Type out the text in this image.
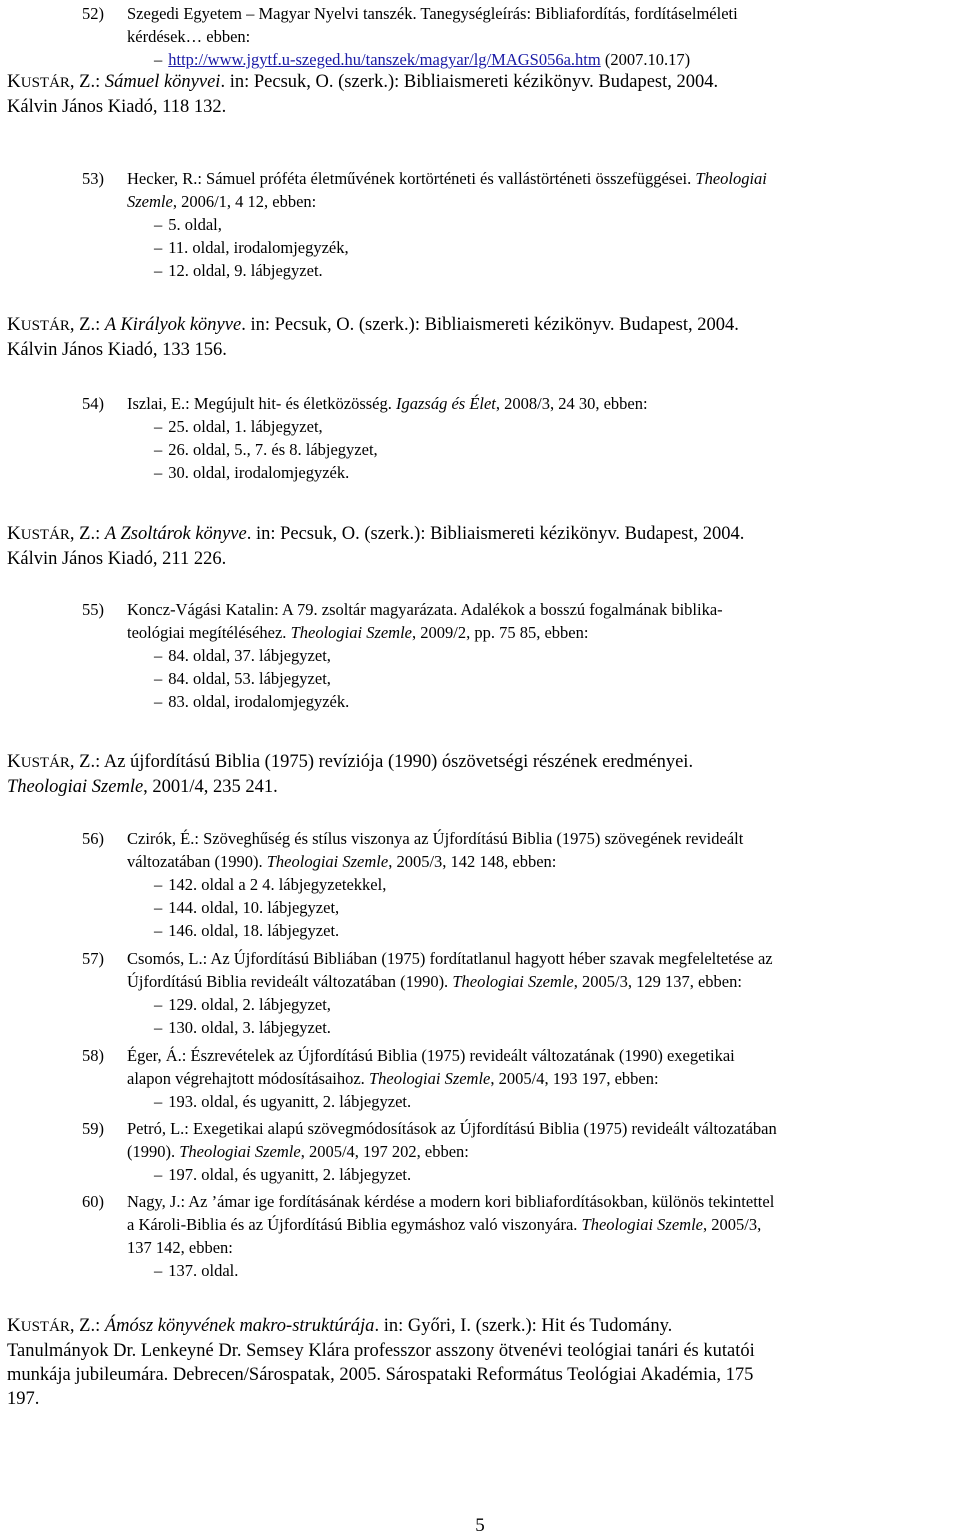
52) Szegedi Egyetem – Magyar Nyelvi tanszék. Tanegységleírás: Bibliafordítás, fordításelméleti
kérdések… ebben:
– http://www.jgytf.u-szeged.hu/tanszek/magyar/lg/MAGS056a.htm (2007.10.17)
KUSTÁR, Z.: Sámuel könyvei. in: Pecsuk, O. (szerk.): Bibliaismereti kézikönyv. Budapest, 2004.
Kálvin János Kiadó, 118 132.
53) Hecker, R.: Sámuel próféta életművének kortörténeti és vallástörténeti összefüggései. Theologiai
Szemle, 2006/1, 4 12, ebben:
– 5. oldal,
– 11. oldal, irodalomjegyzék,
– 12. oldal, 9. lábjegyzet.
KUSTÁR, Z.: A Királyok könyve. in: Pecsuk, O. (szerk.): Bibliaismereti kézikönyv. Budapest, 2004.
Kálvin János Kiadó, 133 156.
54) Iszlai, E.: Megújult hit- és életközösség. Igazság és Élet, 2008/3, 24 30, ebben:
– 25. oldal, 1. lábjegyzet,
– 26. oldal, 5., 7. és 8. lábjegyzet,
– 30. oldal, irodalomjegyzék.
KUSTÁR, Z.: A Zsoltárok könyve. in: Pecsuk, O. (szerk.): Bibliaismereti kézikönyv. Budapest, 2004.
Kálvin János Kiadó, 211 226.
55) Koncz-Vágási Katalin: A 79. zsoltár magyarázata. Adalékok a bosszú fogalmának biblika-
teológiai megítéléséhez. Theologiai Szemle, 2009/2, pp. 75 85, ebben:
– 84. oldal, 37. lábjegyzet,
– 84. oldal, 53. lábjegyzet,
– 83. oldal, irodalomjegyzék.
KUSTÁR, Z.: Az újfordítású Biblia (1975) revíziója (1990) ószövetségi részének eredményei.
Theologiai Szemle, 2001/4, 235 241.
56) Czirók, É.: Szöveghűség és stílus viszonya az Újfordítású Biblia (1975) szövegének revideált
változatában (1990). Theologiai Szemle, 2005/3, 142 148, ebben:
– 142. oldal a 2 4. lábjegyzetekkel,
– 144. oldal, 10. lábjegyzet,
– 146. oldal, 18. lábjegyzet.
57) Csomós, L.: Az Újfordítású Bibliában (1975) fordítatlanul hagyott héber szavak megfeleltetése az
Újfordítású Biblia revideált változatában (1990). Theologiai Szemle, 2005/3, 129 137, ebben:
– 129. oldal, 2. lábjegyzet,
– 130. oldal, 3. lábjegyzet.
58) Éger, Á.: Észrevételek az Újfordítású Biblia (1975) revideált változatának (1990) exegetikai
alapon végrehajtott módosításaihoz. Theologiai Szemle, 2005/4, 193 197, ebben:
– 193. oldal, és ugyanitt, 2. lábjegyzet.
59) Petró, L.: Exegetikai alapú szövegmódosítások az Újfordítású Biblia (1975) revideált változatában
(1990). Theologiai Szemle, 2005/4, 197 202, ebben:
– 197. oldal, és ugyanitt, 2. lábjegyzet.
60) Nagy, J.: Az ’ámar ige fordításának kérdése a modern kori bibliafordításokban, különös tekintettel
a Károli-Biblia és az Újfordítású Biblia egymáshoz való viszonyára. Theologiai Szemle, 2005/3,
137 142, ebben:
– 137. oldal.
KUSTÁR, Z.: Ámósz könyvének makro-struktúrája. in: Győri, I. (szerk.): Hit és Tudomány.
Tanulmányok Dr. Lenkeyné Dr. Semsey Klára professzor asszony ötvenévi teológiai tanári és kutatói
munkája jubileumára. Debrecen/Sárospatak, 2005. Sárospataki Református Teológiai Akadémia, 175
197.
5
